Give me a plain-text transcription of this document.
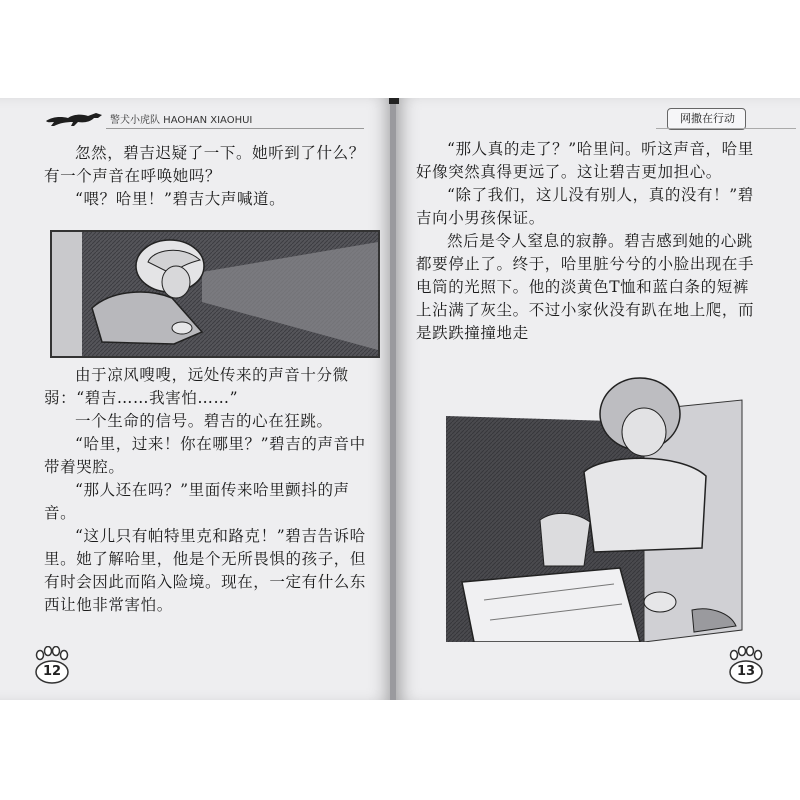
警犬小虎队 HAOHAN XIAOHUI

忽然，碧吉迟疑了一下。她听到了什么？有一个声音在呼唤她吗？

“喂？哈里！”碧吉大声喊道。

由于凉风嗖嗖，远处传来的声音十分微弱：“碧吉……我害怕……”

一个生命的信号。碧吉的心在狂跳。

“哈里，过来！你在哪里？”碧吉的声音中带着哭腔。

“那人还在吗？”里面传来哈里颤抖的声音。

“这儿只有帕特里克和路克！”碧吉告诉哈里。她了解哈里，他是个无所畏惧的孩子，但有时会因此而陷入险境。现在，一定有什么东西让他非常害怕。

12
网撒在行动

“那人真的走了？”哈里问。听这声音，哈里好像突然真得更远了。这让碧吉更加担心。

“除了我们，这儿没有别人，真的没有！”碧吉向小男孩保证。

然后是令人窒息的寂静。碧吉感到她的心跳都要停止了。终于，哈里脏兮兮的小脸出现在手电筒的光照下。他的淡黄色T恤和蓝白条的短裤上沾满了灰尘。不过小家伙没有趴在地上爬，而是跌跌撞撞地走

13
